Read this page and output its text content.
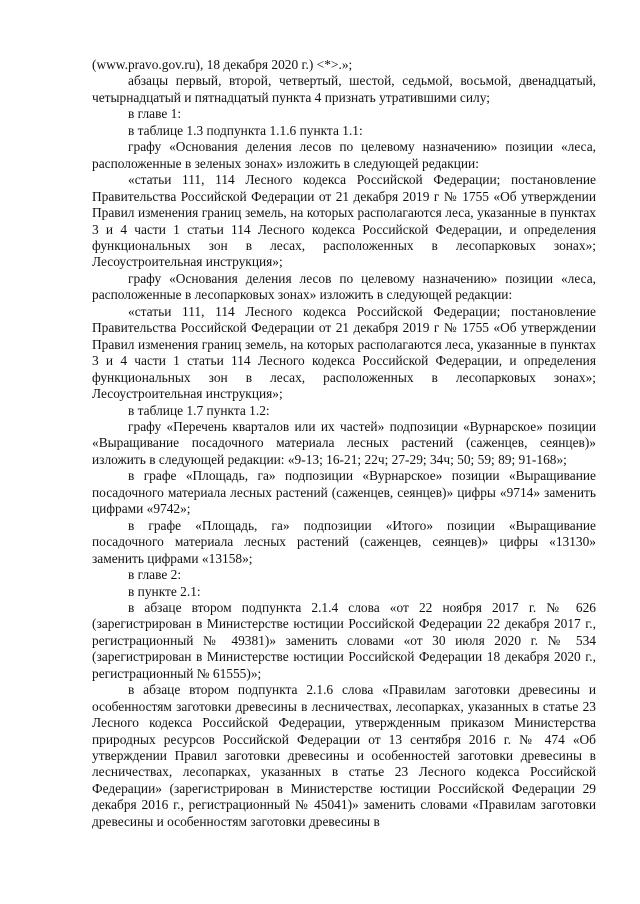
(www.pravo.gov.ru), 18 декабря 2020 г.) <*>.»;

абзацы первый, второй, четвертый, шестой, седьмой, восьмой, двенадцатый, четырнадцатый и пятнадцатый пункта 4 признать утратившими силу;

в главе 1:

в таблице 1.3 подпункта 1.1.6 пункта 1.1:

графу «Основания деления лесов по целевому назначению» позиции «леса, расположенные в зеленых зонах» изложить в следующей редакции:

«статьи 111, 114 Лесного кодекса Российской Федерации; постановление Правительства Российской Федерации от 21 декабря 2019 г № 1755 «Об утверждении Правил изменения границ земель, на которых располагаются леса, указанные в пунктах 3 и 4 части 1 статьи 114 Лесного кодекса Российской Федерации, и определения функциональных зон в лесах, расположенных в лесопарковых зонах»; Лесоустроительная инструкция»;

графу «Основания деления лесов по целевому назначению» позиции «леса, расположенные в лесопарковых зонах» изложить в следующей редакции:

«статьи 111, 114 Лесного кодекса Российской Федерации; постановление Правительства Российской Федерации от 21 декабря 2019 г № 1755 «Об утверждении Правил изменения границ земель, на которых располагаются леса, указанные в пунктах 3 и 4 части 1 статьи 114 Лесного кодекса Российской Федерации, и определения функциональных зон в лесах, расположенных в лесопарковых зонах»; Лесоустроительная инструкция»;

в таблице 1.7 пункта 1.2:

графу «Перечень кварталов или их частей» подпозиции «Вурнарское» позиции «Выращивание посадочного материала лесных растений (саженцев, сеянцев)» изложить в следующей редакции: «9-13; 16-21; 22ч; 27-29; 34ч; 50; 59; 89; 91-168»;

в графе «Площадь, га» подпозиции «Вурнарское» позиции «Выращивание посадочного материала лесных растений (саженцев, сеянцев)» цифры «9714» заменить цифрами «9742»;

в графе «Площадь, га» подпозиции «Итого» позиции «Выращивание посадочного материала лесных растений (саженцев, сеянцев)» цифры «13130» заменить цифрами «13158»;

в главе 2:

в пункте 2.1:

в абзаце втором подпункта 2.1.4 слова «от 22 ноября 2017 г. № 626 (зарегистрирован в Министерстве юстиции Российской Федерации 22 декабря 2017 г., регистрационный № 49381)» заменить словами «от 30 июля 2020 г. № 534 (зарегистрирован в Министерстве юстиции Российской Федерации 18 декабря 2020 г., регистрационный № 61555)»;

в абзаце втором подпункта 2.1.6 слова «Правилам заготовки древесины и особенностям заготовки древесины в лесничествах, лесопарках, указанных в статье 23 Лесного кодекса Российской Федерации, утвержденным приказом Министерства природных ресурсов Российской Федерации от 13 сентября 2016 г. № 474 «Об утверждении Правил заготовки древесины и особенностей заготовки древесины в лесничествах, лесопарках, указанных в статье 23 Лесного кодекса Российской Федерации» (зарегистрирован в Министерстве юстиции Российской Федерации 29 декабря 2016 г., регистрационный № 45041)» заменить словами «Правилам заготовки древесины и особенностям заготовки древесины в
